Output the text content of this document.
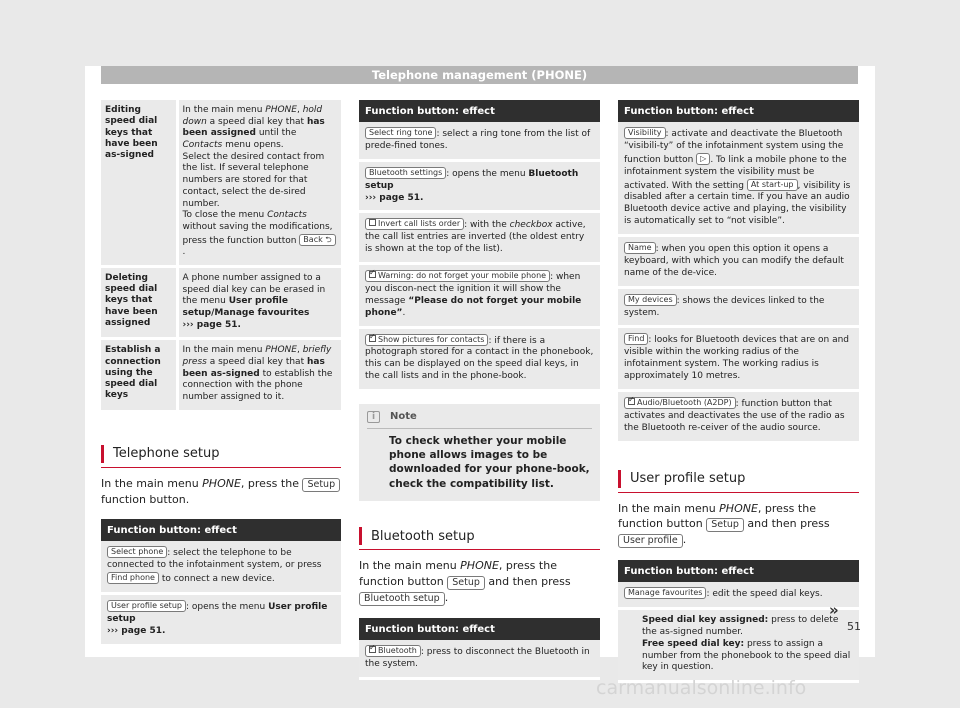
Telephone management (PHONE)
Editing speed dial keys that have been as-signed	In the main menu PHONE, hold down a speed dial key that has been assigned until the Contacts menu opens.
Select the desired contact from the list. If several telephone numbers are stored for that contact, select the de-sired number.
To close the menu Contacts without saving the modifications, press the function button Back ⮌.
Deleting speed dial keys that have been assigned	A phone number assigned to a speed dial key can be erased in the menu User profile setup/Manage favourites
››› page 51.
Establish a connection using the speed dial keys	In the main menu PHONE, briefly press a speed dial key that has been as-signed to establish the connection with the phone number assigned to it.
Telephone setup
In the main menu PHONE, press the Setup function button.
Function button: effect
Select phone : select the telephone to be connected to the infotainment system, or press Find phone to connect a new device.
User profile setup : opens the menu User profile setup
››› page 51.
Function button: effect
Select ring tone : select a ring tone from the list of prede-fined tones.
Bluetooth settings : opens the menu Bluetooth setup
››› page 51.
Invert call lists order : with the checkbox active, the call list entries are inverted (the oldest entry is shown at the top of the list).
✓Warning: do not forget your mobile phone : when you discon-nect the ignition it will show the message “Please do not forget your mobile phone”.
✓Show pictures for contacts : if there is a photograph stored for a contact in the phonebook, this can be displayed on the speed dial keys, in the call lists and in the phone-book.
i	Note
To check whether your mobile phone allows images to be downloaded for your phone-book, check the compatibility list.
Bluetooth setup
In the main menu PHONE, press the function button Setup and then press Bluetooth setup .
Function button: effect
✓Bluetooth : press to disconnect the Bluetooth in the system.
Function button: effect
Visibility : activate and deactivate the Bluetooth “visibili-ty” of the infotainment system using the function button ▷ . To link a mobile phone to the infotainment system the visibility must be activated. With the setting At start-up , visibility is disabled after a certain time. If you have an audio Bluetooth device active and playing, the visibility is automatically set to “not visible”.
Name : when you open this option it opens a keyboard, with which you can modify the default name of the de-vice.
My devices : shows the devices linked to the system.
Find : looks for Bluetooth devices that are on and visible within the working radius of the infotainment system. The working radius is approximately 10 metres.
✓Audio/Bluetooth (A2DP) : function button that activates and deactivates the use of the radio as the Bluetooth re-ceiver of the audio source.
User profile setup
In the main menu PHONE, press the function button Setup and then press User profile .
Function button: effect
Manage favourites : edit the speed dial keys.
Speed dial key assigned: press to delete the as-signed number.
Free speed dial key: press to assign a number from the phonebook to the speed dial key in question.
»
51
carmanualsonline.info
